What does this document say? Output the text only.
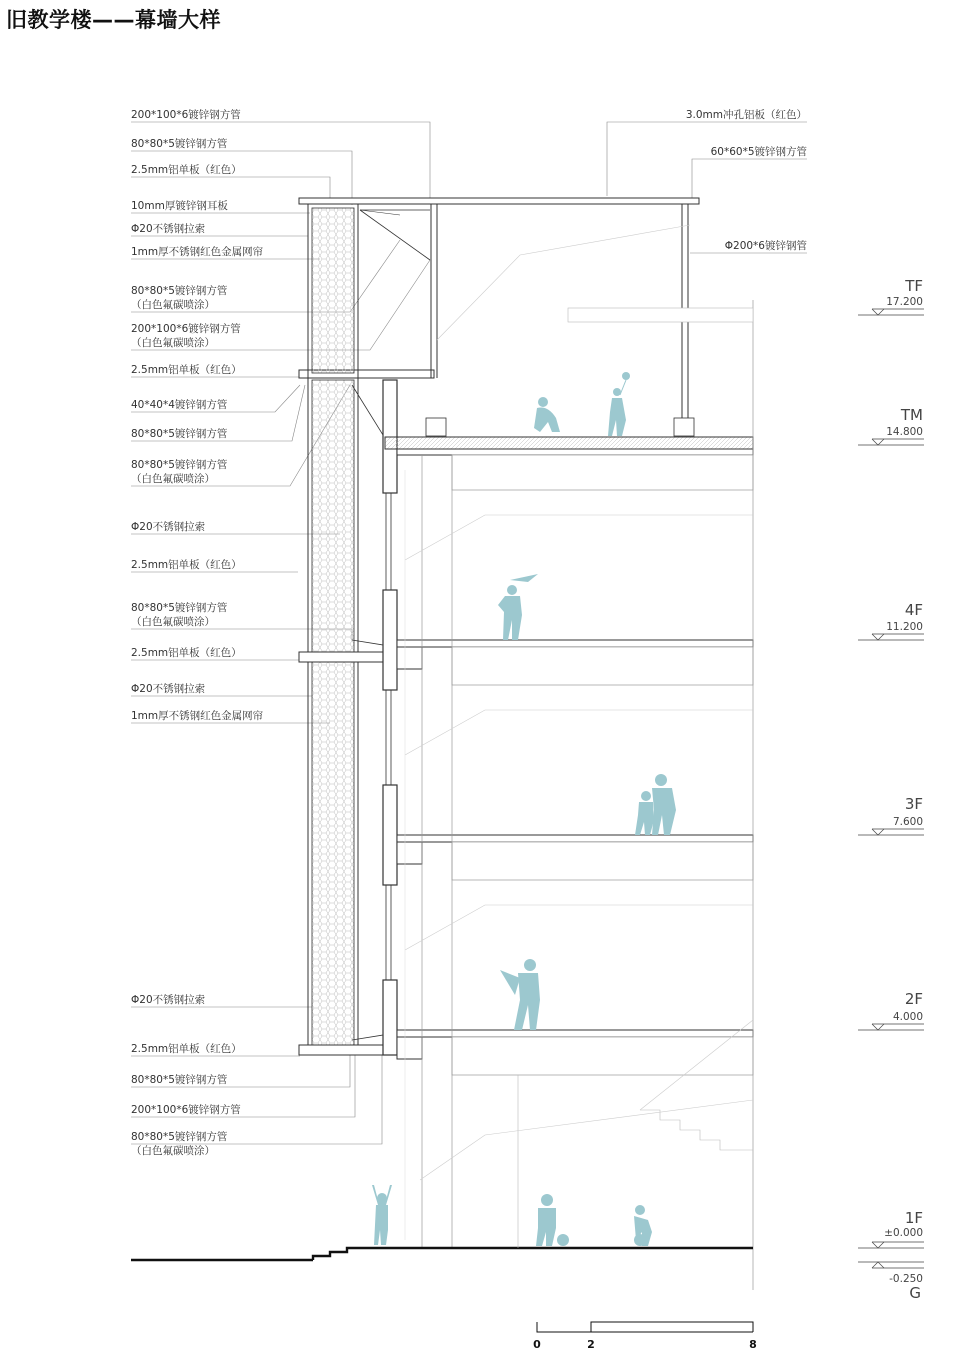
旧教学楼——幕墙大样
200*100*6镀锌钢方管
80*80*5镀锌钢方管
2.5mm铝单板（红色）
10mm厚镀锌钢耳板
Φ20不锈钢拉索
1mm厚不锈钢红色金属网帘
80*80*5镀锌钢方管
（白色氟碳喷涂）
200*100*6镀锌钢方管
（白色氟碳喷涂）
2.5mm铝单板（红色）
40*40*4镀锌钢方管
80*80*5镀锌钢方管
80*80*5镀锌钢方管
（白色氟碳喷涂）
Φ20不锈钢拉索
2.5mm铝单板（红色）
80*80*5镀锌钢方管
（白色氟碳喷涂）
2.5mm铝单板（红色）
Φ20不锈钢拉索
1mm厚不锈钢红色金属网帘
Φ20不锈钢拉索
2.5mm铝单板（红色）
80*80*5镀锌钢方管
200*100*6镀锌钢方管
80*80*5镀锌钢方管
（白色氟碳喷涂）
3.0mm冲孔铝板（红色）
60*60*5镀锌钢方管
Φ200*6镀锌钢管
TF
17.200
TM
14.800
4F
11.200
3F
7.600
2F
4.000
1F
±0.000
-0.250
G
0	2	8
